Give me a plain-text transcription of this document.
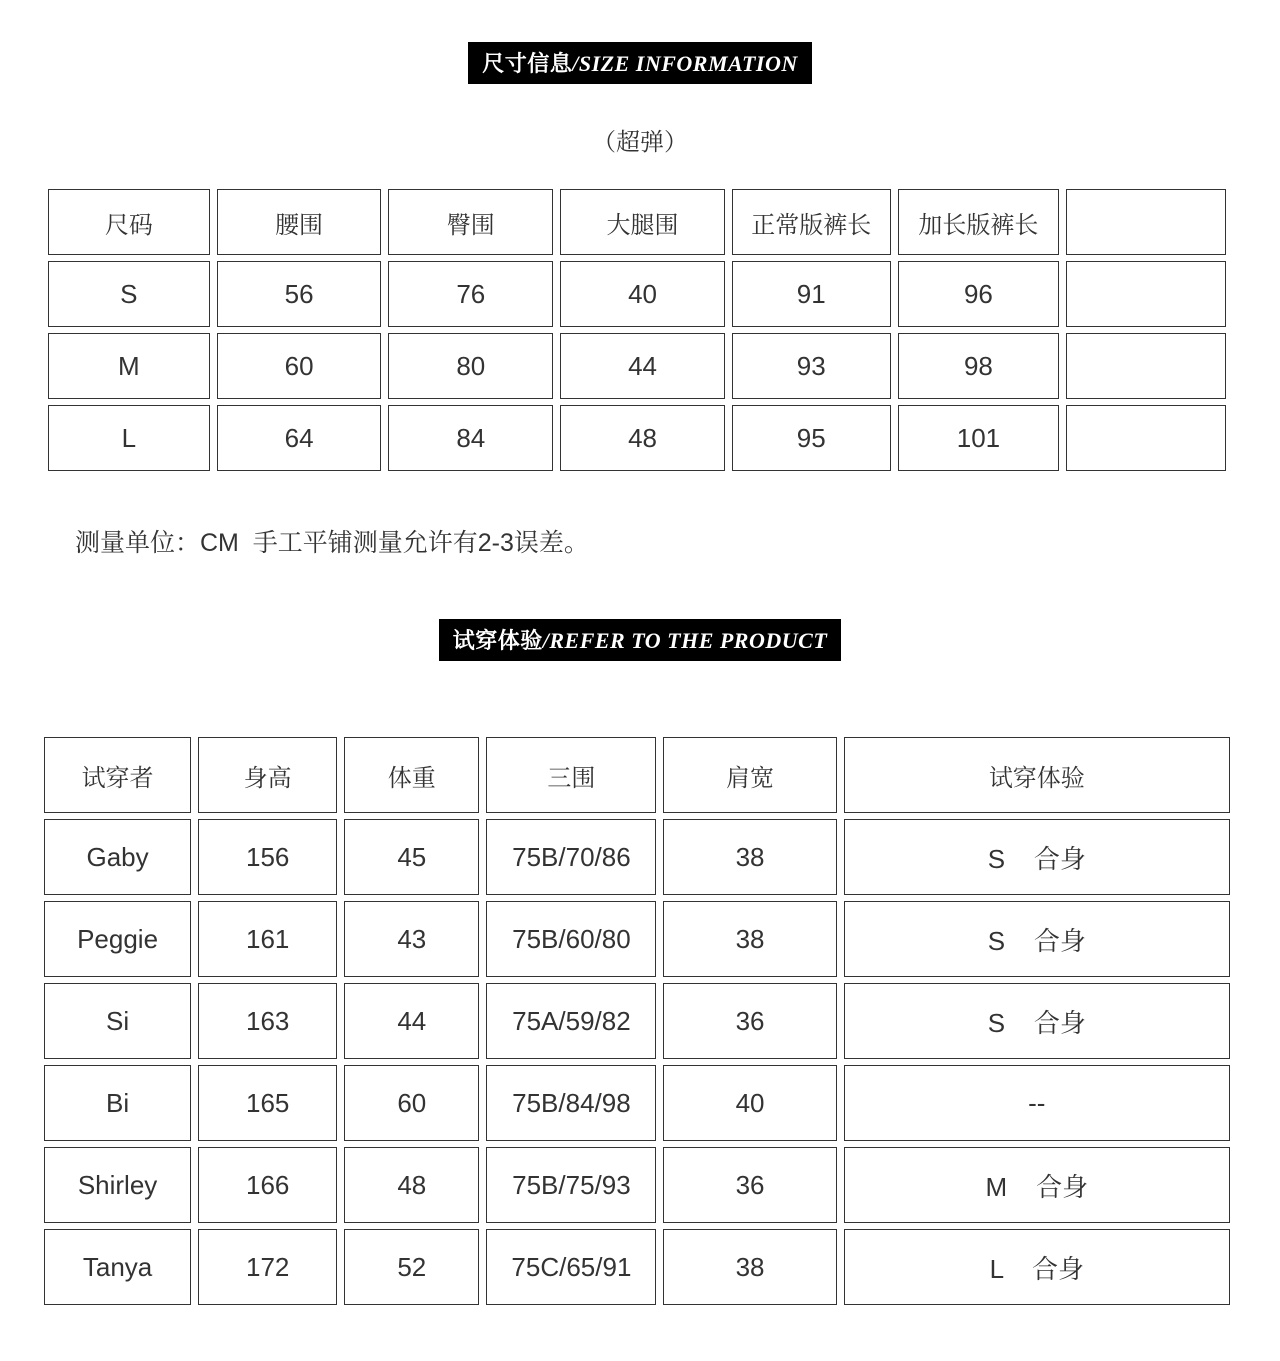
尺寸信息/SIZE INFORMATION
（超弹）
尺码	腰围	臀围	大腿围	正常版裤长	加长版裤长	
S	56	76	40	91	96	
M	60	80	44	93	98	
L	64	84	48	95	101	
测量单位：CM  手工平铺测量允许有2-3误差。
试穿体验/REFER TO THE PRODUCT
试穿者	身高	体重	三围	肩宽	试穿体验
Gaby	156	45	75B/70/86	38	S    合身
Peggie	161	43	75B/60/80	38	S    合身
Si	163	44	75A/59/82	36	S    合身
Bi	165	60	75B/84/98	40	--
Shirley	166	48	75B/75/93	36	M    合身
Tanya	172	52	75C/65/91	38	L    合身
